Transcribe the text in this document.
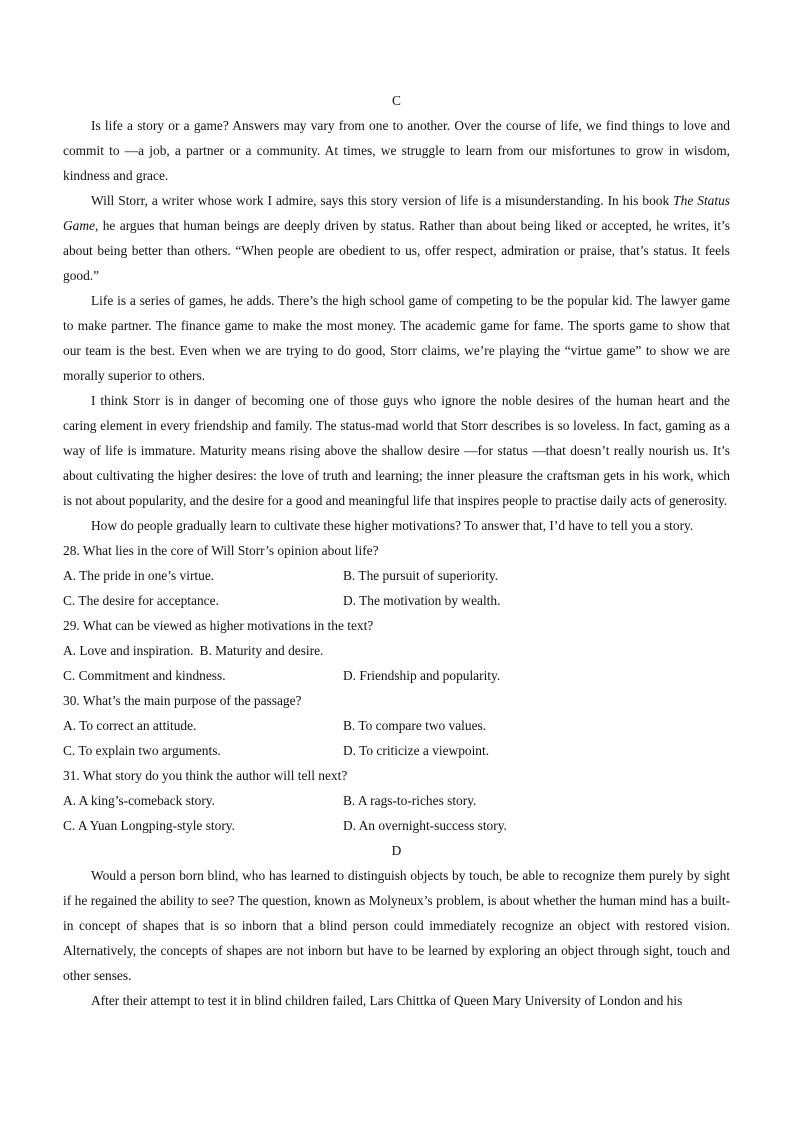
C

Is life a story or a game? Answers may vary from one to another. Over the course of life, we find things to love and commit to —a job, a partner or a community. At times, we struggle to learn from our misfortunes to grow in wisdom, kindness and grace.

Will Storr, a writer whose work I admire, says this story version of life is a misunderstanding. In his book The Status Game, he argues that human beings are deeply driven by status. Rather than about being liked or accepted, he writes, it’s about being better than others. “When people are obedient to us, offer respect, admiration or praise, that’s status. It feels good.”

Life is a series of games, he adds. There’s the high school game of competing to be the popular kid. The lawyer game to make partner. The finance game to make the most money. The academic game for fame. The sports game to show that our team is the best. Even when we are trying to do good, Storr claims, we’re playing the “virtue game” to show we are morally superior to others.

I think Storr is in danger of becoming one of those guys who ignore the noble desires of the human heart and the caring element in every friendship and family. The status-mad world that Storr describes is so loveless. In fact, gaming as a way of life is immature. Maturity means rising above the shallow desire —for status —that doesn’t really nourish us. It’s about cultivating the higher desires: the love of truth and learning; the inner pleasure the craftsman gets in his work, which is not about popularity, and the desire for a good and meaningful life that inspires people to practise daily acts of generosity.

How do people gradually learn to cultivate these higher motivations? To answer that, I’d have to tell you a story.

28. What lies in the core of Will Storr’s opinion about life?

A. The pride in one’s virtue.	B. The pursuit of superiority.
C. The desire for acceptance.	D. The motivation by wealth.

29. What can be viewed as higher motivations in the text?

A. Love and inspiration. B. Maturity and desire.
C. Commitment and kindness.	D. Friendship and popularity.

30. What’s the main purpose of the passage?

A. To correct an attitude.	B. To compare two values.
C. To explain two arguments.	D. To criticize a viewpoint.

31. What story do you think the author will tell next?

A. A king’s-comeback story.	B. A rags-to-riches story.
C. A Yuan Longping-style story.	D. An overnight-success story.
D

Would a person born blind, who has learned to distinguish objects by touch, be able to recognize them purely by sight if he regained the ability to see? The question, known as Molyneux’s problem, is about whether the human mind has a built-in concept of shapes that is so inborn that a blind person could immediately recognize an object with restored vision. Alternatively, the concepts of shapes are not inborn but have to be learned by exploring an object through sight, touch and other senses.

After their attempt to test it in blind children failed, Lars Chittka of Queen Mary University of London and his
